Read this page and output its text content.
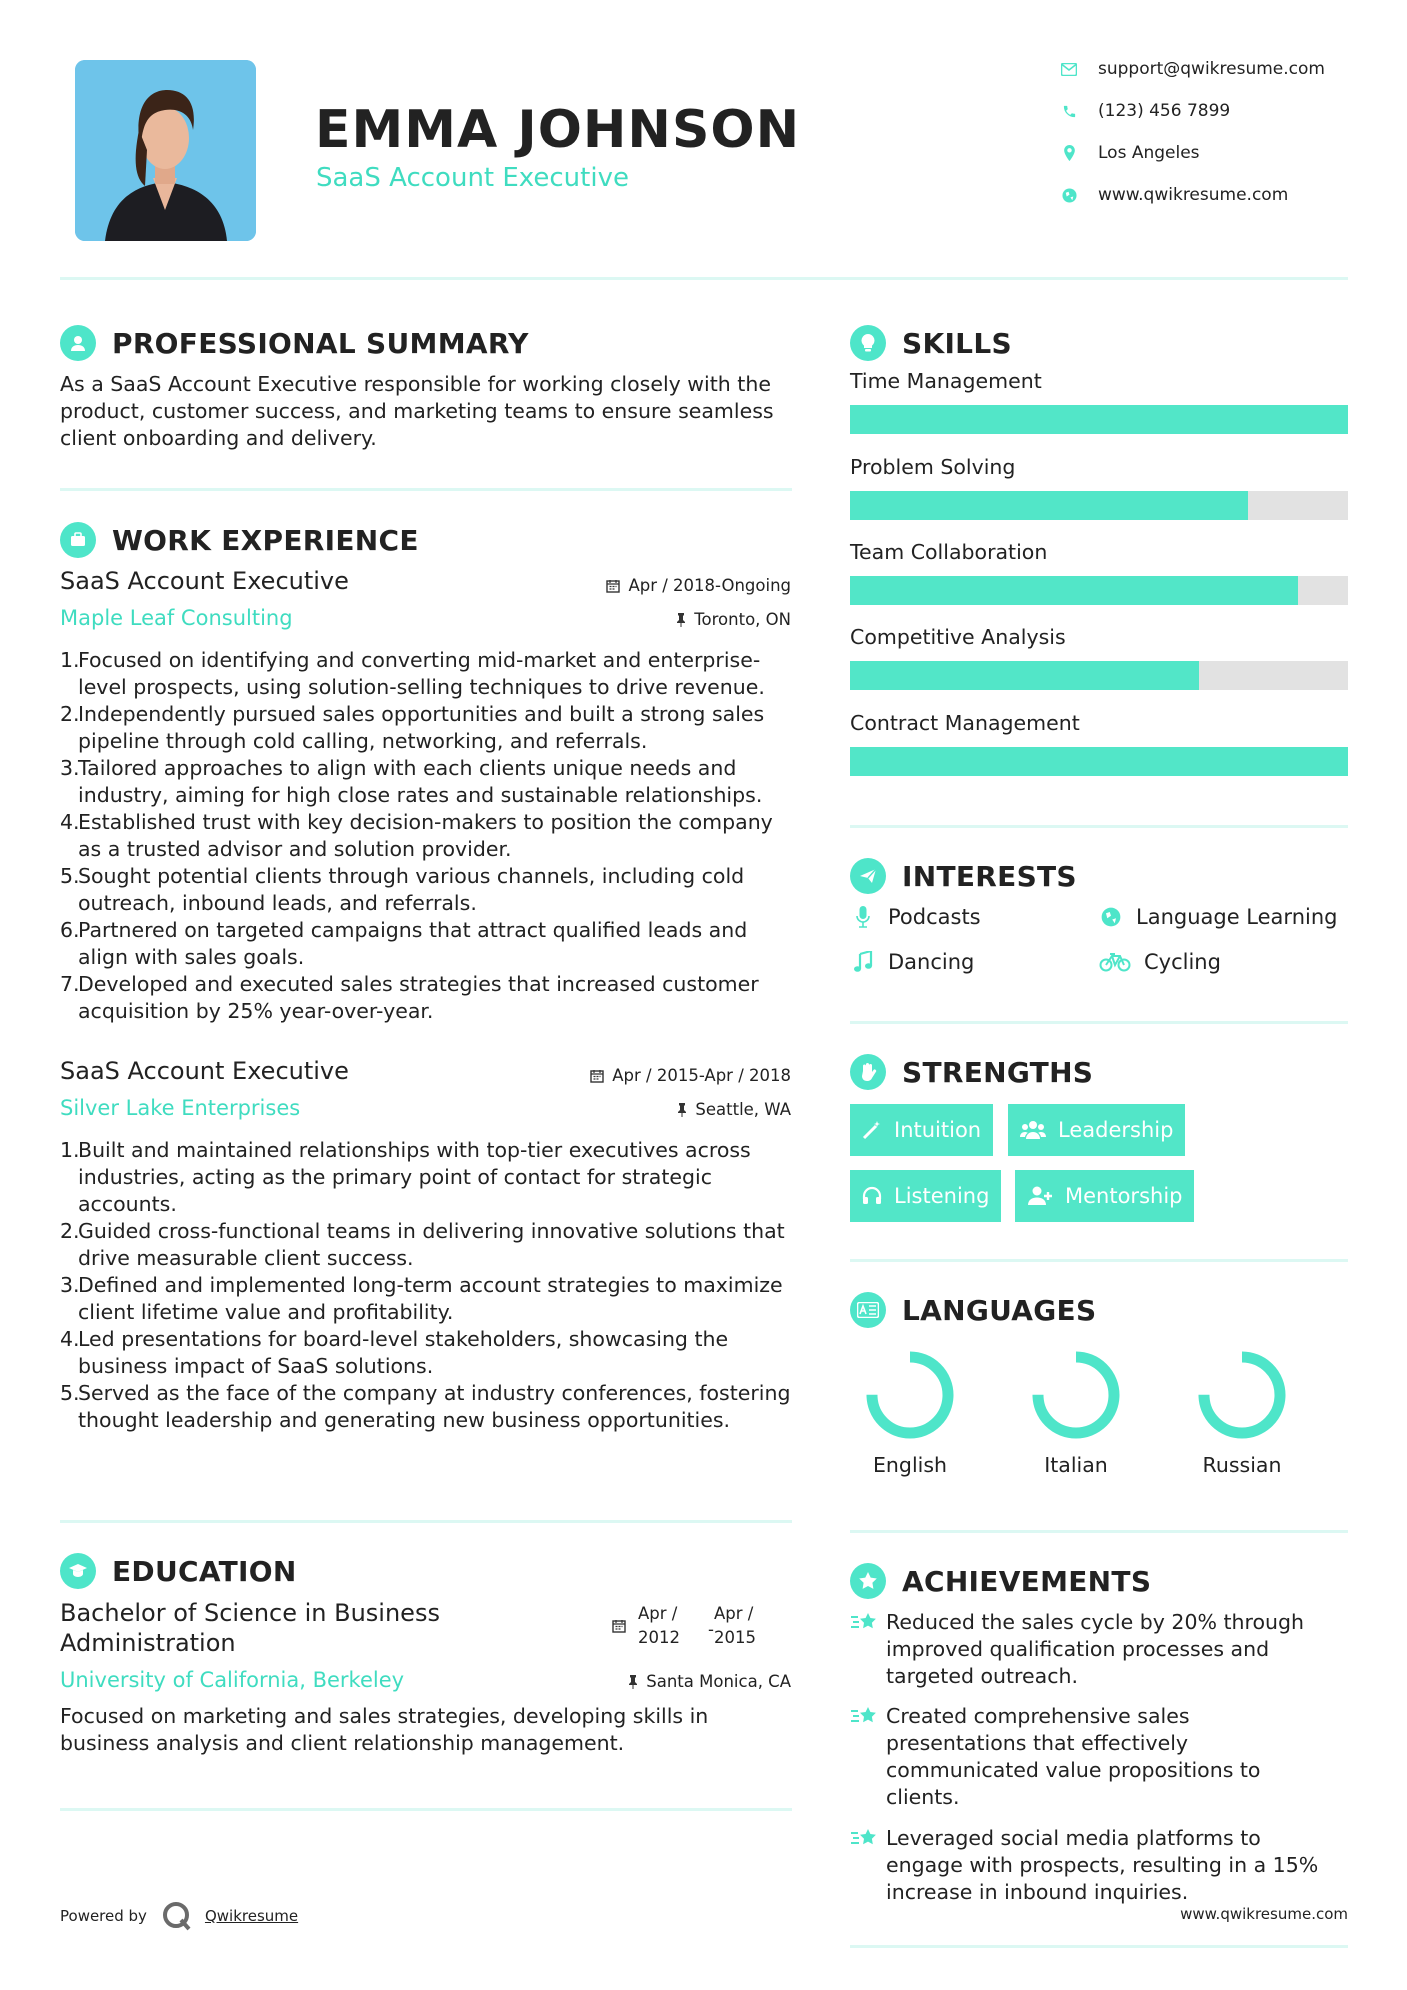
EMMA JOHNSON
SaaS Account Executive
support@qwikresume.com
(123) 456 7899
Los Angeles
www.qwikresume.com
PROFESSIONAL SUMMARY
As a SaaS Account Executive responsible for working closely with the product, customer success, and marketing teams to ensure seamless client onboarding and delivery.
WORK EXPERIENCE
SaaS Account Executive	Apr / 2018-Ongoing
Maple Leaf Consulting	Toronto, ON
1.
Focused on identifying and converting mid-market and enterprise-level prospects, using solution-selling techniques to drive revenue.
2.
Independently pursued sales opportunities and built a strong sales pipeline through cold calling, networking, and referrals.
3.
Tailored approaches to align with each clients unique needs and industry, aiming for high close rates and sustainable relationships.
4.
Established trust with key decision-makers to position the company as a trusted advisor and solution provider.
5.
Sought potential clients through various channels, including cold outreach, inbound leads, and referrals.
6.
Partnered on targeted campaigns that attract qualified leads and align with sales goals.
7.
Developed and executed sales strategies that increased customer acquisition by 25% year-over-year.
SaaS Account Executive	Apr / 2015-Apr / 2018
Silver Lake Enterprises	Seattle, WA
1.
Built and maintained relationships with top-tier executives across industries, acting as the primary point of contact for strategic accounts.
2.
Guided cross-functional teams in delivering innovative solutions that drive measurable client success.
3.
Defined and implemented long-term account strategies to maximize client lifetime value and profitability.
4.
Led presentations for board-level stakeholders, showcasing the business impact of SaaS solutions.
5.
Served as the face of the company at industry conferences, fostering thought leadership and generating new business opportunities.
EDUCATION
Bachelor of Science in Business Administration
Apr / 2012	-
Apr / 2015
University of California, Berkeley	Santa Monica, CA
Focused on marketing and sales strategies, developing skills in business analysis and client relationship management.
Powered by	Qwikresume	www.qwikresume.com
SKILLS
Time Management
Problem Solving
Team Collaboration
Competitive Analysis
Contract Management
INTERESTS
Podcasts	Language Learning
Dancing	Cycling
STRENGTHS
Intuition	Leadership
Listening	Mentorship
LANGUAGES
English	Italian	Russian
ACHIEVEMENTS
Reduced the sales cycle by 20% through improved qualification processes and targeted outreach.
Created comprehensive sales presentations that effectively communicated value propositions to clients.
Leveraged social media platforms to engage with prospects, resulting in a 15% increase in inbound inquiries.
